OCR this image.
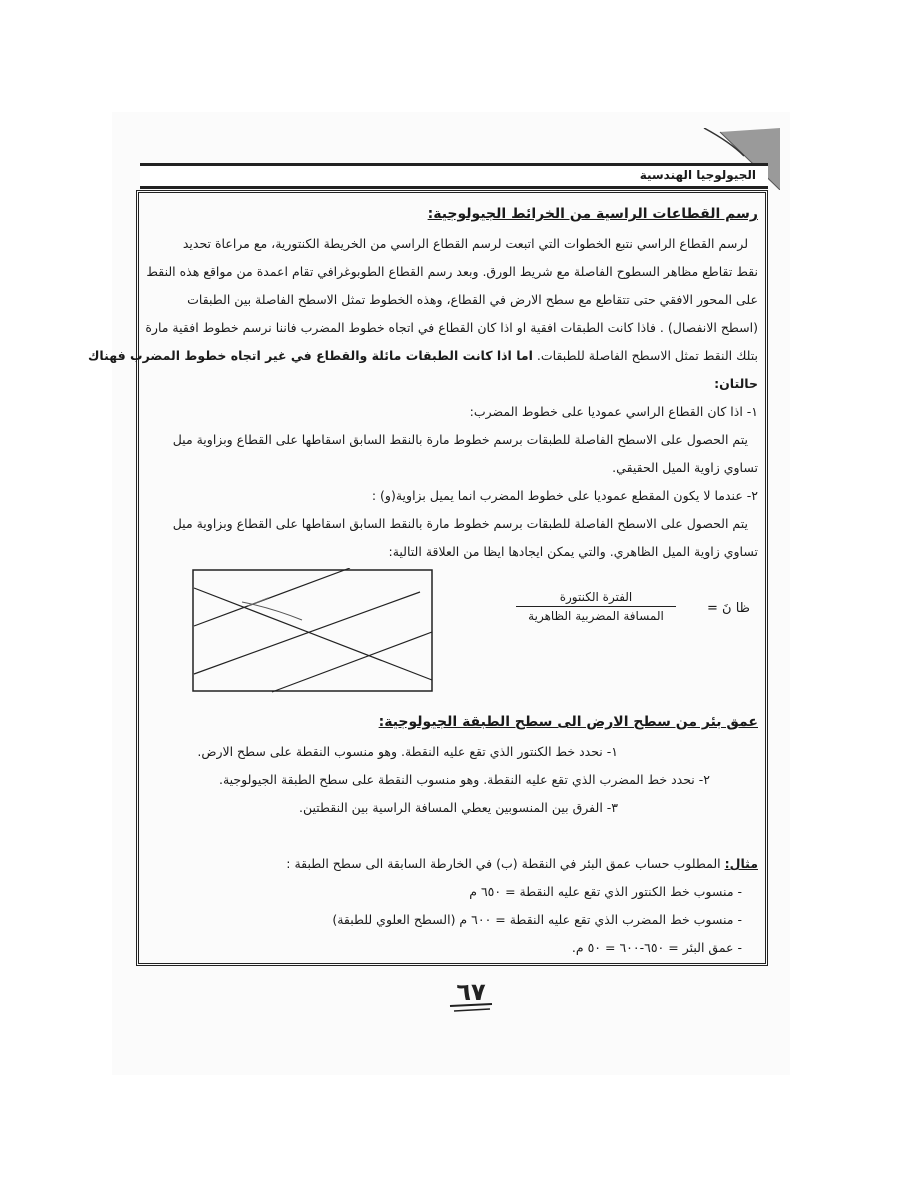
الجيولوجيا الهندسية
رسم القطاعات الراسية من الخرائط الجيولوجية:
لرسم القطاع الراسي نتبع الخطوات التي اتبعت لرسم القطاع الراسي من الخريطة الكنتورية، مع مراعاة تحديد
نقط تقاطع مظاهر السطوح الفاصلة مع شريط الورق. وبعد رسم القطاع الطوبوغرافي تقام اعمدة من مواقع هذه النقط
على المحور الافقي حتى تتقاطع مع سطح الارض في القطاع، وهذه الخطوط تمثل الاسطح الفاصلة بين الطبقات
(اسطح الانفصال) . فاذا كانت الطبقات افقية او اذا كان القطاع في اتجاه خطوط المضرب فاننا نرسم خطوط افقية مارة
بتلك النقط تمثل الاسطح الفاصلة للطبقات. اما اذا كانت الطبقات مائلة والقطاع في غير اتجاه خطوط المضرب فهناك
حالتان:
١- اذا كان القطاع الراسي عموديا على خطوط المضرب:
يتم الحصول على الاسطح الفاصلة للطبقات برسم خطوط مارة بالنقط السابق اسقاطها على القطاع وبزاوية ميل
تساوي زاوية الميل الحقيقي.
٢- عندما لا يكون المقطع عموديا على خطوط المضرب انما يميل بزاوية(و) :
يتم الحصول على الاسطح الفاصلة للطبقات برسم خطوط مارة بالنقط السابق اسقاطها على القطاع وبزاوية ميل
تساوي زاوية الميل الظاهري. والتي يمكن ايجادها ايظا من العلاقة التالية:
ظا نَ =
الفترة الكنتورة
المسافة المضربية الظاهرية
عمق بئر من سطح الارض الى سطح الطبقة الجيولوجية:
١- نحدد خط الكنتور الذي تقع عليه النقطة. وهو منسوب النقطة على سطح الارض.
٢- نحدد خط المضرب الذي تقع عليه النقطة. وهو منسوب النقطة على سطح الطبقة الجيولوجية.
٣- الفرق بين المنسوبين يعطي المسافة الراسية بين النقطتين.
مثال: المطلوب حساب عمق البئر في النقطة (ب) في الخارطة السابقة الى سطح الطبقة :
- منسوب خط الكنتور الذي تقع عليه النقطة = ٦٥٠ م
- منسوب خط المضرب الذي تقع عليه النقطة = ٦٠٠ م (السطح العلوي للطبقة)
- عمق البئر = ٦٥٠-٦٠٠ = ٥٠ م.
٦٧
